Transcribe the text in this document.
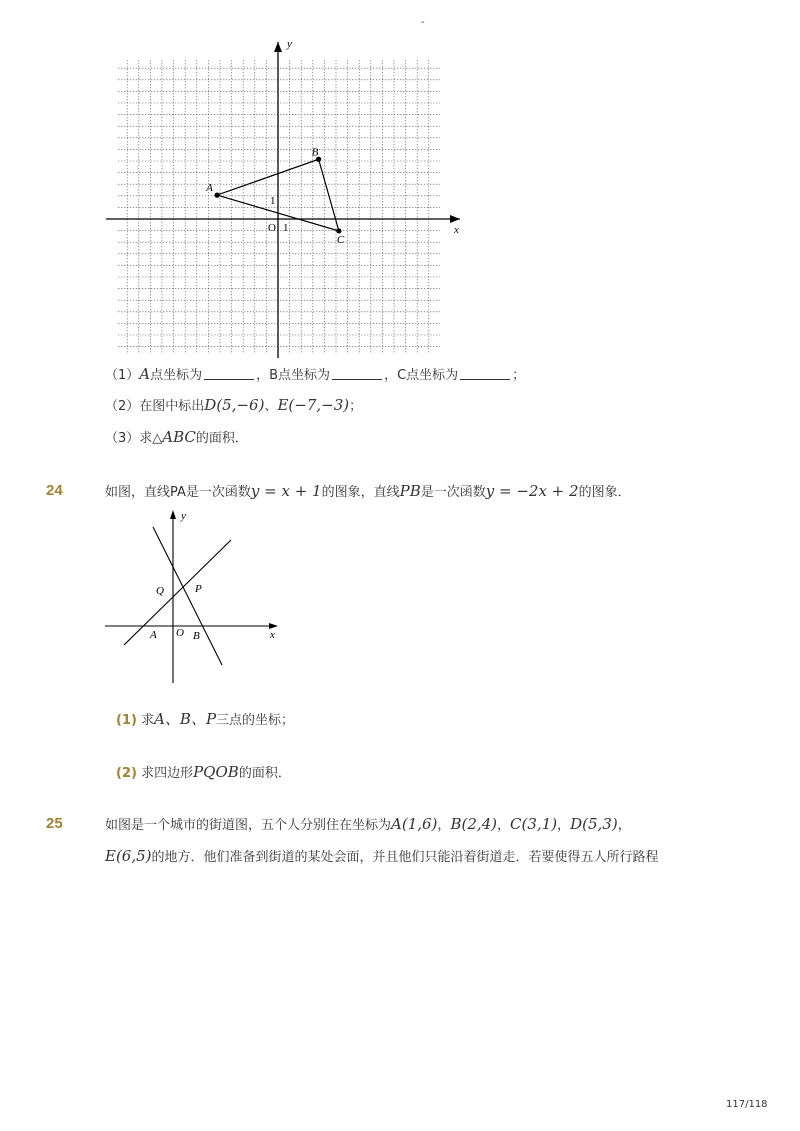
-
x
y
O 1
1
A
B
C
（1）A点坐标为	，B点坐标为	，C点坐标为	；
（2）在图中标出D(5,−6)、E(−7,−3)；
（3）求△ABC的面积．
24	如图，直线PA是一次函数y = x + 1的图象，直线PB是一次函数y = −2x + 2的图象．
Q	P
A O B	x
y
(1) 求A、B、P三点的坐标；
(2) 求四边形PQOB的面积．
25	如图是一个城市的街道图，五个人分别住在坐标为A(1,6)，B(2,4)，C(3,1)，D(5,3)，
E(6,5)的地方．他们准备到街道的某处会面，并且他们只能沿着街道走．若要使得五人所行路程
117/118
